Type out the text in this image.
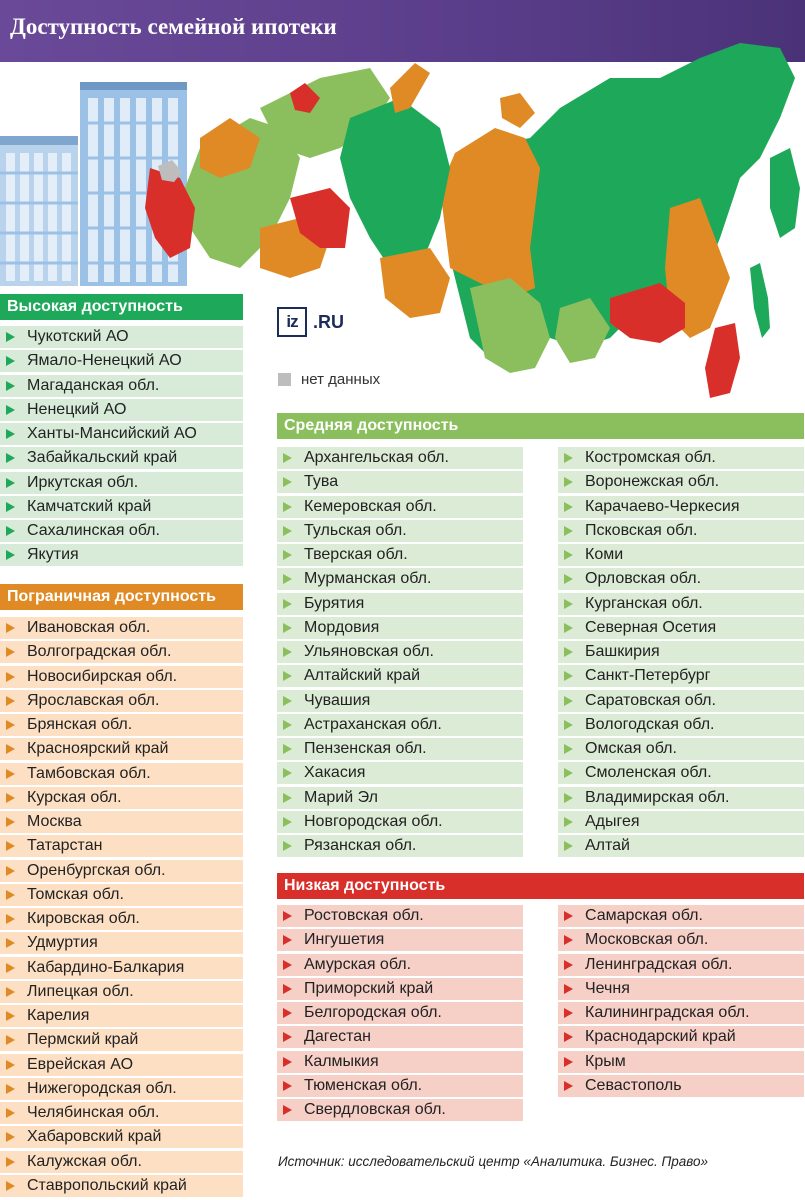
Доступность семейной ипотеки
iz .RU
нет данных
Высокая доступность
Чукотский АО
Ямало-Ненецкий АО
Магаданская обл.
Ненецкий АО
Ханты-Мансийский АО
Забайкальский край
Иркутская обл.
Камчатский край
Сахалинская обл.
Якутия
Пограничная доступность
Ивановская обл.
Волгоградская обл.
Новосибирская обл.
Ярославская обл.
Брянская обл.
Красноярский край
Тамбовская обл.
Курская обл.
Москва
Татарстан
Оренбургская обл.
Томская обл.
Кировская обл.
Удмуртия
Кабардино-Балкария
Липецкая обл.
Карелия
Пермский край
Еврейская АО
Нижегородская обл.
Челябинская обл.
Хабаровский край
Калужская обл.
Ставропольский край
Средняя доступность
Архангельская обл.
Тува
Кемеровская обл.
Тульская обл.
Тверская обл.
Мурманская обл.
Бурятия
Мордовия
Ульяновская обл.
Алтайский край
Чувашия
Астраханская обл.
Пензенская обл.
Хакасия
Марий Эл
Новгородская обл.
Рязанская обл.
Костромская обл.
Воронежская обл.
Карачаево-Черкесия
Псковская обл.
Коми
Орловская обл.
Курганская обл.
Северная Осетия
Башкирия
Санкт-Петербург
Саратовская обл.
Вологодская обл.
Омская обл.
Смоленская обл.
Владимирская обл.
Адыгея
Алтай
Низкая доступность
Ростовская обл.
Ингушетия
Амурская обл.
Приморский край
Белгородская обл.
Дагестан
Калмыкия
Тюменская обл.
Свердловская обл.
Самарская обл.
Московская обл.
Ленинградская обл.
Чечня
Калининградская обл.
Краснодарский край
Крым
Севастополь
Источник: исследовательский центр «Аналитика. Бизнес. Право»
